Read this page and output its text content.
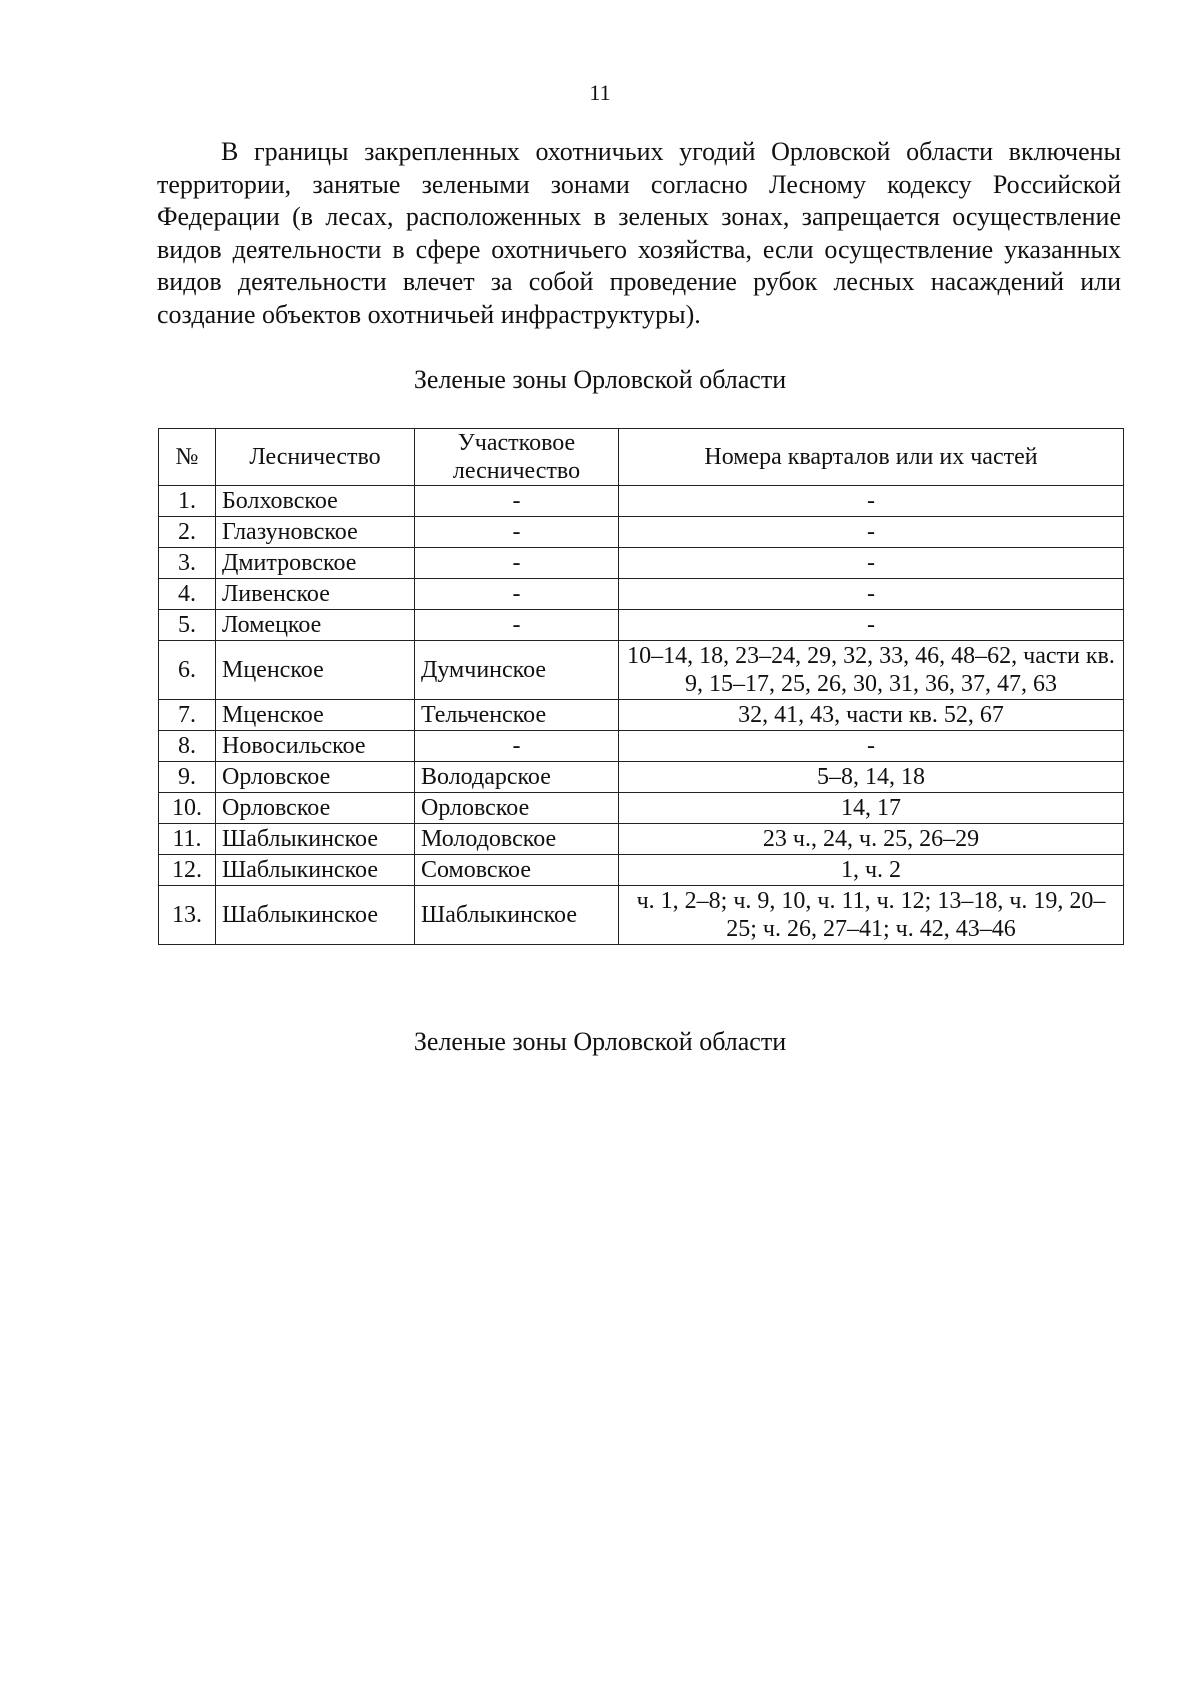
11

В границы закрепленных охотничьих угодий Орловской области включены территории, занятые зелеными зонами согласно Лесному кодексу Российской Федерации (в лесах, расположенных в зеленых зонах, запрещается осуществление видов деятельности в сфере охотничьего хозяйства, если осуществление указанных видов деятельности влечет за собой проведение рубок лесных насаждений или создание объектов охотничьей инфраструктуры).

Зеленые зоны Орловской области
№	Лесничество	Участковое лесничество	Номера кварталов или их частей
1.	Болховское	-	-
2.	Глазуновское	-	-
3.	Дмитровское	-	-
4.	Ливенское	-	-
5.	Ломецкое	-	-
6.	Мценское	Думчинское	10–14, 18, 23–24, 29, 32, 33, 46, 48–62, части кв. 9, 15–17, 25, 26, 30, 31, 36, 37, 47, 63
7.	Мценское	Тельченское	32, 41, 43, части кв. 52, 67
8.	Новосильское	-	-
9.	Орловское	Володарское	5–8, 14, 18
10.	Орловское	Орловское	14, 17
11.	Шаблыкинское	Молодовское	23 ч., 24, ч. 25, 26–29
12.	Шаблыкинское	Сомовское	1, ч. 2
13.	Шаблыкинское	Шаблыкинское	ч. 1, 2–8; ч. 9, 10, ч. 11, ч. 12; 13–18, ч. 19, 20–25; ч. 26, 27–41; ч. 42, 43–46
Зеленые зоны Орловской области
